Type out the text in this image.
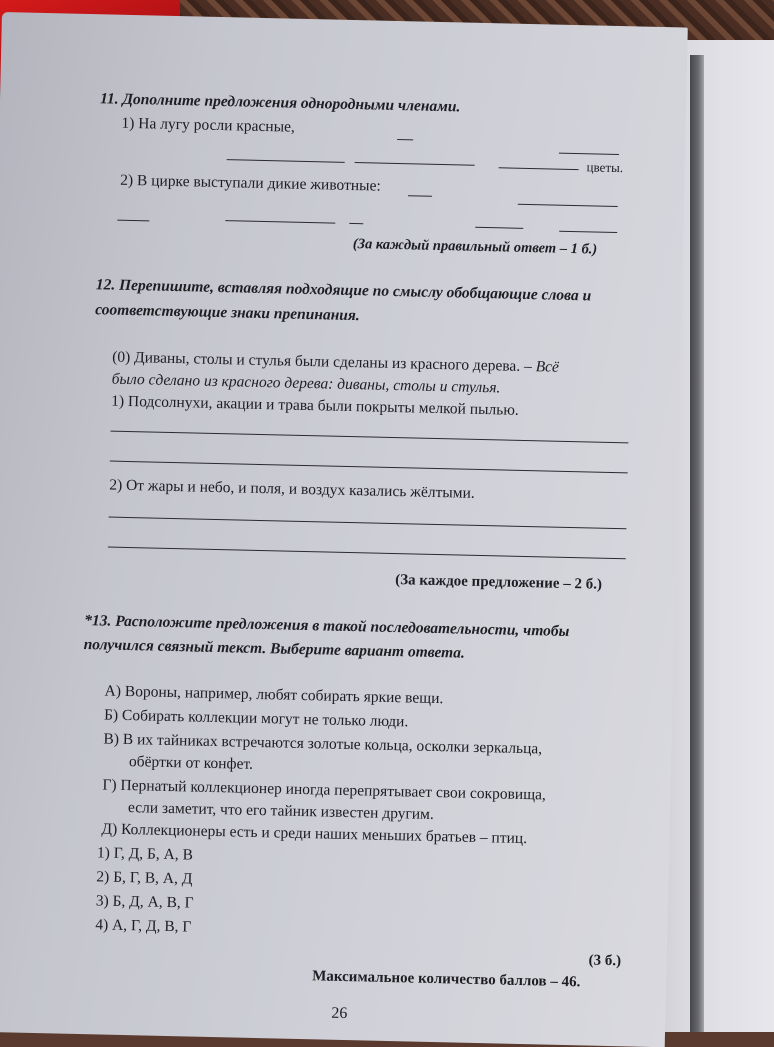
11. Дополните предложения однородными членами.
1) На лугу росли красные,
цветы.
2) В цирке выступали дикие животные:
(За каждый правильный ответ – 1 б.)
12. Перепишите, вставляя подходящие по смыслу обобщающие слова и
соответствующие знаки препинания.
(0) Диваны, столы и стулья были сделаны из красного дерева. – Всё
было сделано из красного дерева: диваны, столы и стулья.
1) Подсолнухи, акации и трава были покрыты мелкой пылью.
2) От жары и небо, и поля, и воздух казались жёлтыми.
(За каждое предложение – 2 б.)
*13. Расположите предложения в такой последовательности, чтобы
получился связный текст. Выберите вариант ответа.
А) Вороны, например, любят собирать яркие вещи.
Б) Собирать коллекции могут не только люди.
В) В их тайниках встречаются золотые кольца, осколки зеркальца,
обёртки от конфет.
Г) Пернатый коллекционер иногда перепрятывает свои сокровища,
если заметит, что его тайник известен другим.
Д) Коллекционеры есть и среди наших меньших братьев – птиц.
1) Г, Д, Б, А, В
2) Б, Г, В, А, Д
3) Б, Д, А, В, Г
4) А, Г, Д, В, Г
(3 б.)
Максимальное количество баллов – 46.
26
